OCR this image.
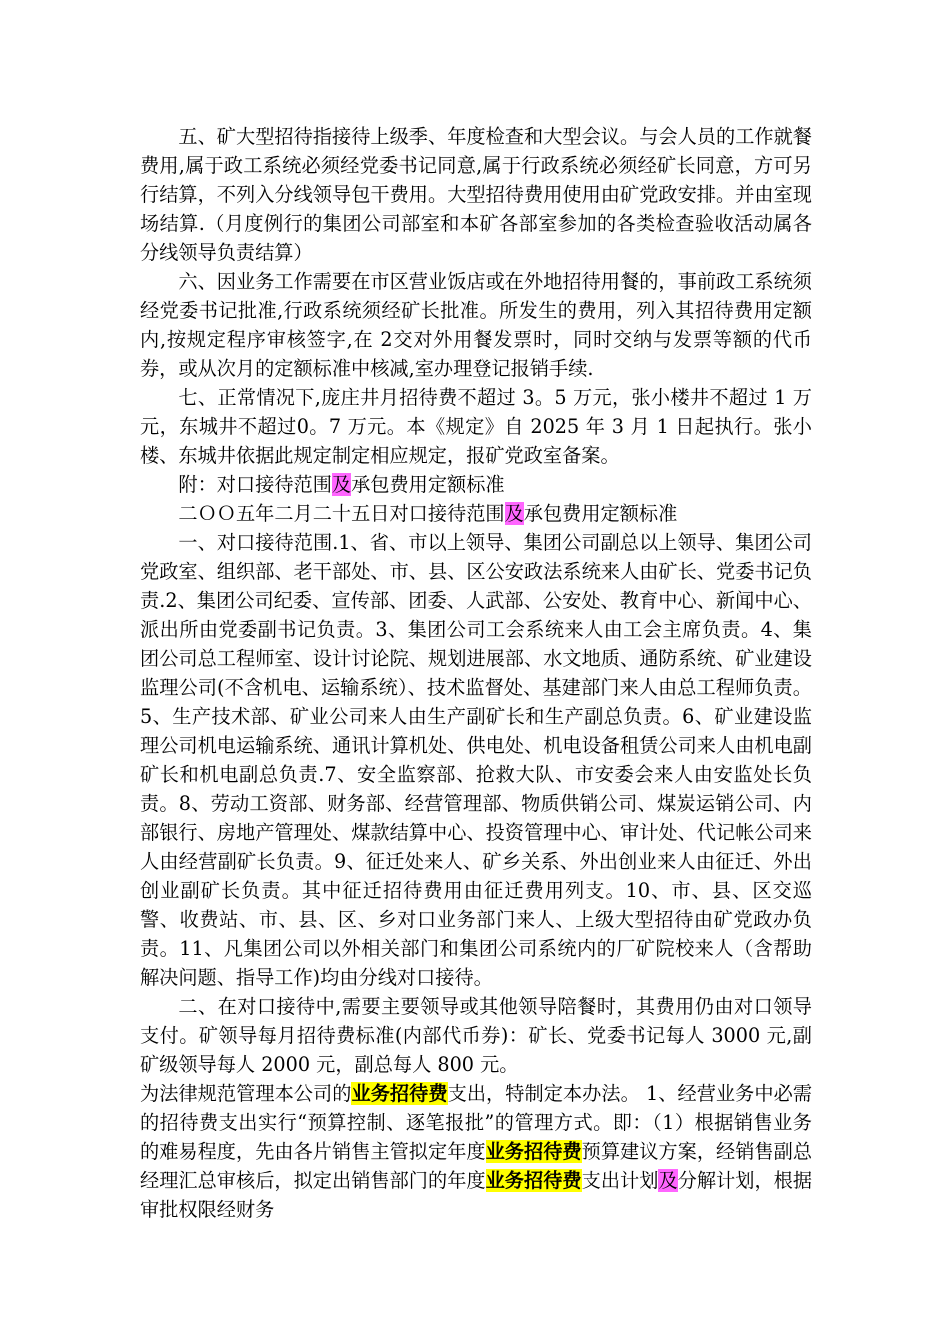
五、矿大型招待指接待上级季、年度检查和大型会议。与会人员的工作就餐费用,属于政工系统必须经党委书记同意,属于行政系统必须经矿长同意，方可另行结算，不列入分线领导包干费用。大型招待费用使用由矿党政安排。并由室现场结算.（月度例行的集团公司部室和本矿各部室参加的各类检查验收活动属各分线领导负责结算）

六、因业务工作需要在市区营业饭店或在外地招待用餐的，事前政工系统须经党委书记批准,行政系统须经矿长批准。所发生的费用，列入其招待费用定额内,按规定程序审核签字,在 2交对外用餐发票时，同时交纳与发票等额的代币券，或从次月的定额标准中核减,室办理登记报销手续.

七、正常情况下,庞庄井月招待费不超过 3。5 万元，张小楼井不超过 1 万元，东城井不超过0。7 万元。本《规定》自 2025 年 3 月 1 日起执行。张小楼、东城井依据此规定制定相应规定，报矿党政室备案。

附：对口接待范围及承包费用定额标准

二ＯＯ五年二月二十五日对口接待范围及承包费用定额标准

一、对口接待范围.1、省、市以上领导、集团公司副总以上领导、集团公司党政室、组织部、老干部处、市、县、区公安政法系统来人由矿长、党委书记负责.2、集团公司纪委、宣传部、团委、人武部、公安处、教育中心、新闻中心、派出所由党委副书记负责。3、集团公司工会系统来人由工会主席负责。4、集团公司总工程师室、设计讨论院、规划进展部、水文地质、通防系统、矿业建设监理公司(不含机电、运输系统）、技术监督处、基建部门来人由总工程师负责。5、生产技术部、矿业公司来人由生产副矿长和生产副总负责。6、矿业建设监理公司机电运输系统、通讯计算机处、供电处、机电设备租赁公司来人由机电副矿长和机电副总负责.7、安全监察部、抢救大队、市安委会来人由安监处长负责。8、劳动工资部、财务部、经营管理部、物质供销公司、煤炭运销公司、内部银行、房地产管理处、煤款结算中心、投资管理中心、审计处、代记帐公司来人由经营副矿长负责。9、征迁处来人、矿乡关系、外出创业来人由征迁、外出创业副矿长负责。其中征迁招待费用由征迁费用列支。10、市、县、区交巡警、收费站、市、县、区、乡对口业务部门来人、上级大型招待由矿党政办负责。11、凡集团公司以外相关部门和集团公司系统内的厂矿院校来人（含帮助解决问题、指导工作)均由分线对口接待。

二、在对口接待中,需要主要领导或其他领导陪餐时，其费用仍由对口领导支付。矿领导每月招待费标准(内部代币券)：矿长、党委书记每人 3000 元,副矿级领导每人 2000 元，副总每人 800 元。

为法律规范管理本公司的业务招待费支出，特制定本办法。 1、经营业务中必需的招待费支出实行“预算控制、逐笔报批”的管理方式。即：（1）根据销售业务的难易程度，先由各片销售主管拟定年度业务招待费预算建议方案，经销售副总经理汇总审核后，拟定出销售部门的年度业务招待费支出计划及分解计划，根据审批权限经财务
